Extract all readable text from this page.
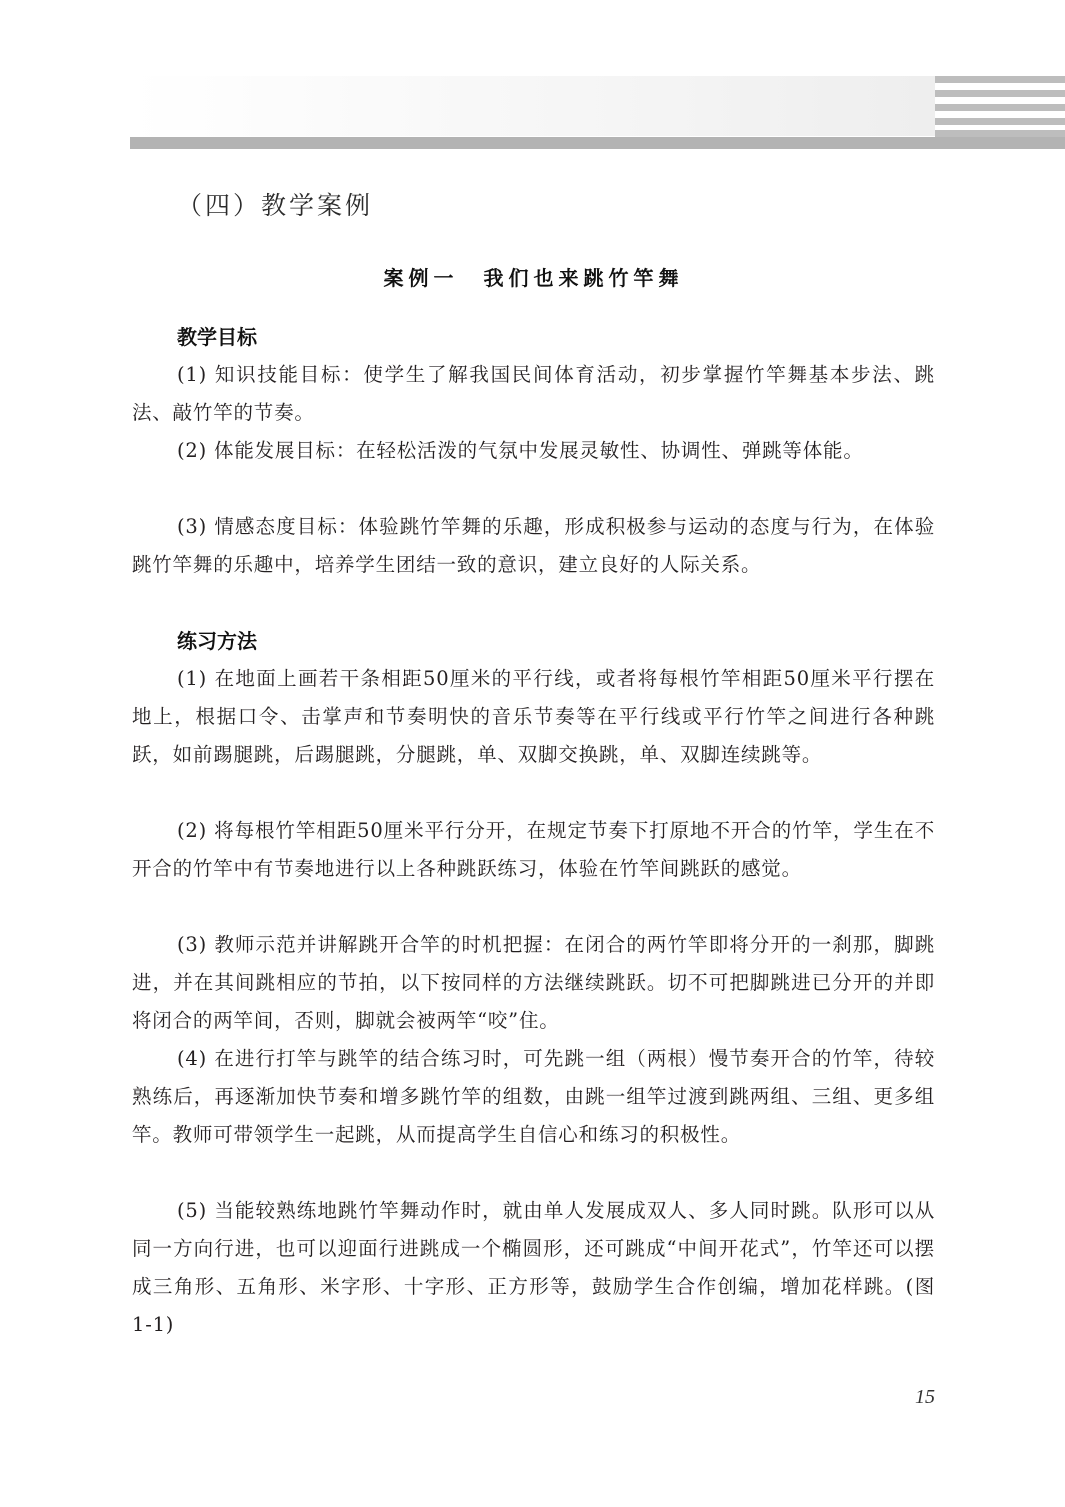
（四）教学案例
案例一　我们也来跳竹竿舞
教学目标

(1) 知识技能目标：使学生了解我国民间体育活动，初步掌握竹竿舞基本步法、跳法、敲竹竿的节奏。

(2) 体能发展目标：在轻松活泼的气氛中发展灵敏性、协调性、弹跳等体能。

(3) 情感态度目标：体验跳竹竿舞的乐趣，形成积极参与运动的态度与行为，在体验跳竹竿舞的乐趣中，培养学生团结一致的意识，建立良好的人际关系。

练习方法

(1) 在地面上画若干条相距50厘米的平行线，或者将每根竹竿相距50厘米平行摆在地上，根据口令、击掌声和节奏明快的音乐节奏等在平行线或平行竹竿之间进行各种跳跃，如前踢腿跳，后踢腿跳，分腿跳，单、双脚交换跳，单、双脚连续跳等。

(2) 将每根竹竿相距50厘米平行分开，在规定节奏下打原地不开合的竹竿，学生在不开合的竹竿中有节奏地进行以上各种跳跃练习，体验在竹竿间跳跃的感觉。

(3) 教师示范并讲解跳开合竿的时机把握：在闭合的两竹竿即将分开的一刹那，脚跳进，并在其间跳相应的节拍，以下按同样的方法继续跳跃。切不可把脚跳进已分开的并即将闭合的两竿间，否则，脚就会被两竿“咬”住。

(4) 在进行打竿与跳竿的结合练习时，可先跳一组（两根）慢节奏开合的竹竿，待较熟练后，再逐渐加快节奏和增多跳竹竿的组数，由跳一组竿过渡到跳两组、三组、更多组竿。教师可带领学生一起跳，从而提高学生自信心和练习的积极性。

(5) 当能较熟练地跳竹竿舞动作时，就由单人发展成双人、多人同时跳。队形可以从同一方向行进，也可以迎面行进跳成一个椭圆形，还可跳成“中间开花式”，竹竿还可以摆成三角形、五角形、米字形、十字形、正方形等，鼓励学生合作创编，增加花样跳。(图 1-1)

15
